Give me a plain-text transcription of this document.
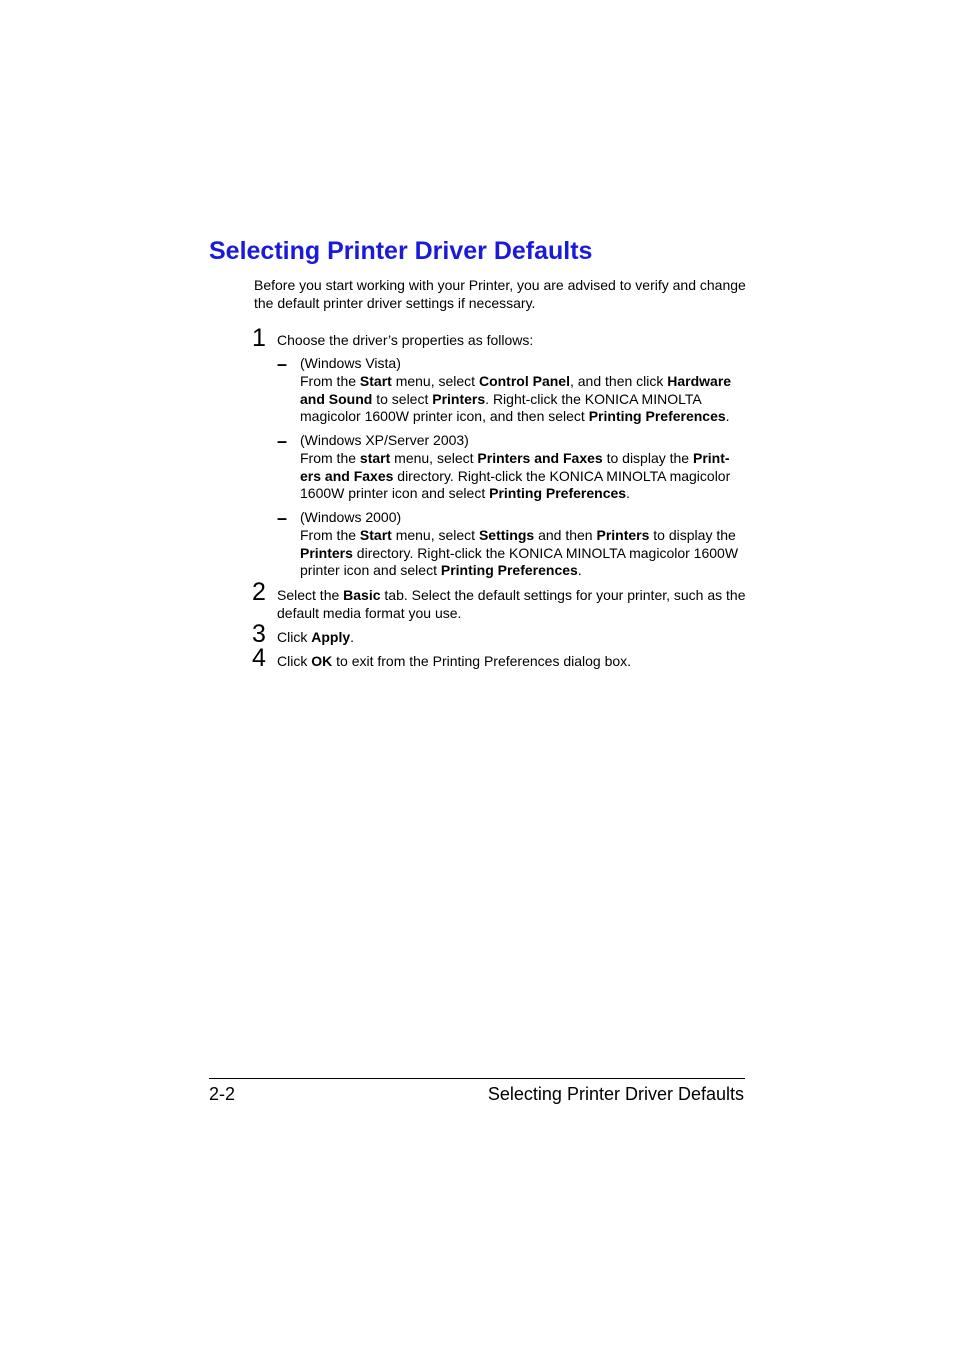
Selecting Printer Driver Defaults

Before you start working with your Printer, you are advised to verify and change the default printer driver settings if necessary.

1 Choose the driver’s properties as follows:

– (Windows Vista)
From the Start menu, select Control Panel, and then click Hardware and Sound to select Printers. Right-click the KONICA MINOLTA magicolor 1600W printer icon, and then select Printing Preferences.
– (Windows XP/Server 2003)
From the start menu, select Printers and Faxes to display the Print-ers and Faxes directory. Right-click the KONICA MINOLTA magicolor 1600W printer icon and select Printing Preferences.
– (Windows 2000)
From the Start menu, select Settings and then Printers to display the Printers directory. Right-click the KONICA MINOLTA magicolor 1600W printer icon and select Printing Preferences.
2 Select the Basic tab. Select the default settings for your printer, such as the default media format you use.

3 Click Apply.

4 Click OK to exit from the Printing Preferences dialog box.

2-2	Selecting Printer Driver Defaults
